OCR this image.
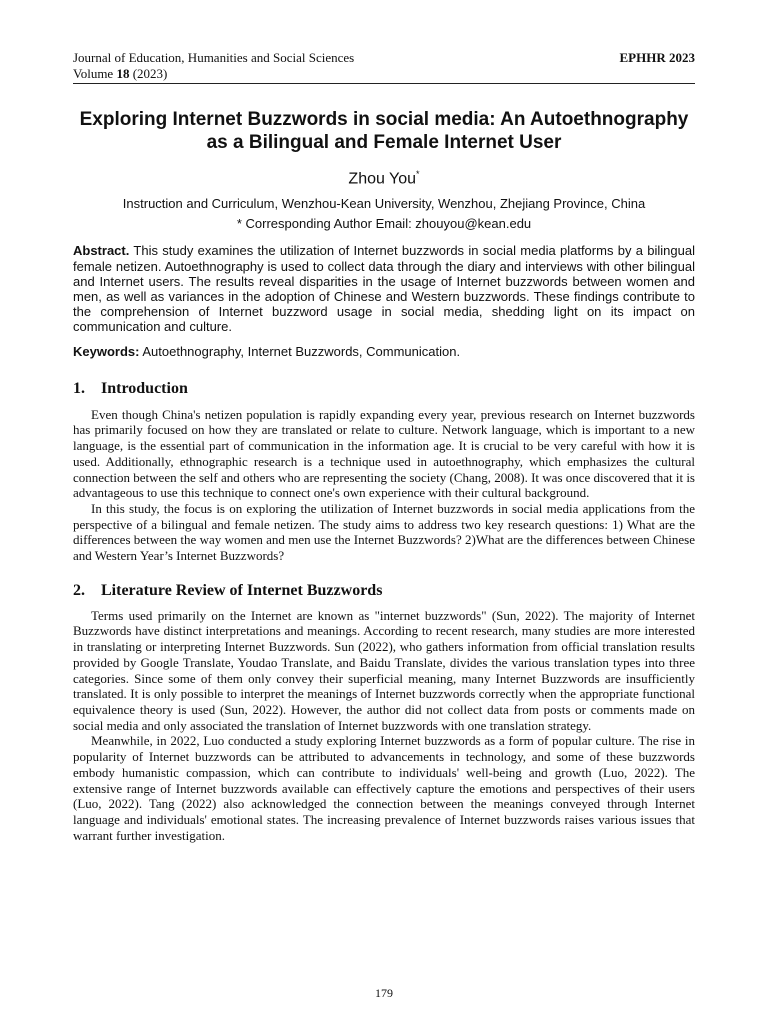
Journal of Education, Humanities and Social Sciences	EPHHR 2023
Volume 18 (2023)
Exploring Internet Buzzwords in social media: An Autoethnography as a Bilingual and Female Internet User
Zhou You*
Instruction and Curriculum, Wenzhou-Kean University, Wenzhou, Zhejiang Province, China
* Corresponding Author Email: zhouyou@kean.edu

Abstract. This study examines the utilization of Internet buzzwords in social media platforms by a bilingual female netizen. Autoethnography is used to collect data through the diary and interviews with other bilingual and Internet users. The results reveal disparities in the usage of Internet buzzwords between women and men, as well as variances in the adoption of Chinese and Western buzzwords. These findings contribute to the comprehension of Internet buzzword usage in social media, shedding light on its impact on communication and culture.

Keywords: Autoethnography, Internet Buzzwords, Communication.

1. Introduction

Even though China's netizen population is rapidly expanding every year, previous research on Internet buzzwords has primarily focused on how they are translated or relate to culture. Network language, which is important to a new language, is the essential part of communication in the information age. It is crucial to be very careful with how it is used. Additionally, ethnographic research is a technique used in autoethnography, which emphasizes the cultural connection between the self and others who are representing the society (Chang, 2008). It was once discovered that it is advantageous to use this technique to connect one's own experience with their cultural background.

In this study, the focus is on exploring the utilization of Internet buzzwords in social media applications from the perspective of a bilingual and female netizen. The study aims to address two key research questions: 1) What are the differences between the way women and men use the Internet Buzzwords? 2)What are the differences between Chinese and Western Year’s Internet Buzzwords?

2. Literature Review of Internet Buzzwords

Terms used primarily on the Internet are known as "internet buzzwords" (Sun, 2022). The majority of Internet Buzzwords have distinct interpretations and meanings. According to recent research, many studies are more interested in translating or interpreting Internet Buzzwords. Sun (2022), who gathers information from official translation results provided by Google Translate, Youdao Translate, and Baidu Translate, divides the various translation types into three categories. Since some of them only convey their superficial meaning, many Internet Buzzwords are insufficiently translated. It is only possible to interpret the meanings of Internet buzzwords correctly when the appropriate functional equivalence theory is used (Sun, 2022). However, the author did not collect data from posts or comments made on social media and only associated the translation of Internet buzzwords with one translation strategy.

Meanwhile, in 2022, Luo conducted a study exploring Internet buzzwords as a form of popular culture. The rise in popularity of Internet buzzwords can be attributed to advancements in technology, and some of these buzzwords embody humanistic compassion, which can contribute to individuals' well-being and growth (Luo, 2022). The extensive range of Internet buzzwords available can effectively capture the emotions and perspectives of their users (Luo, 2022). Tang (2022) also acknowledged the connection between the meanings conveyed through Internet language and individuals' emotional states. The increasing prevalence of Internet buzzwords raises various issues that warrant further investigation.

179
